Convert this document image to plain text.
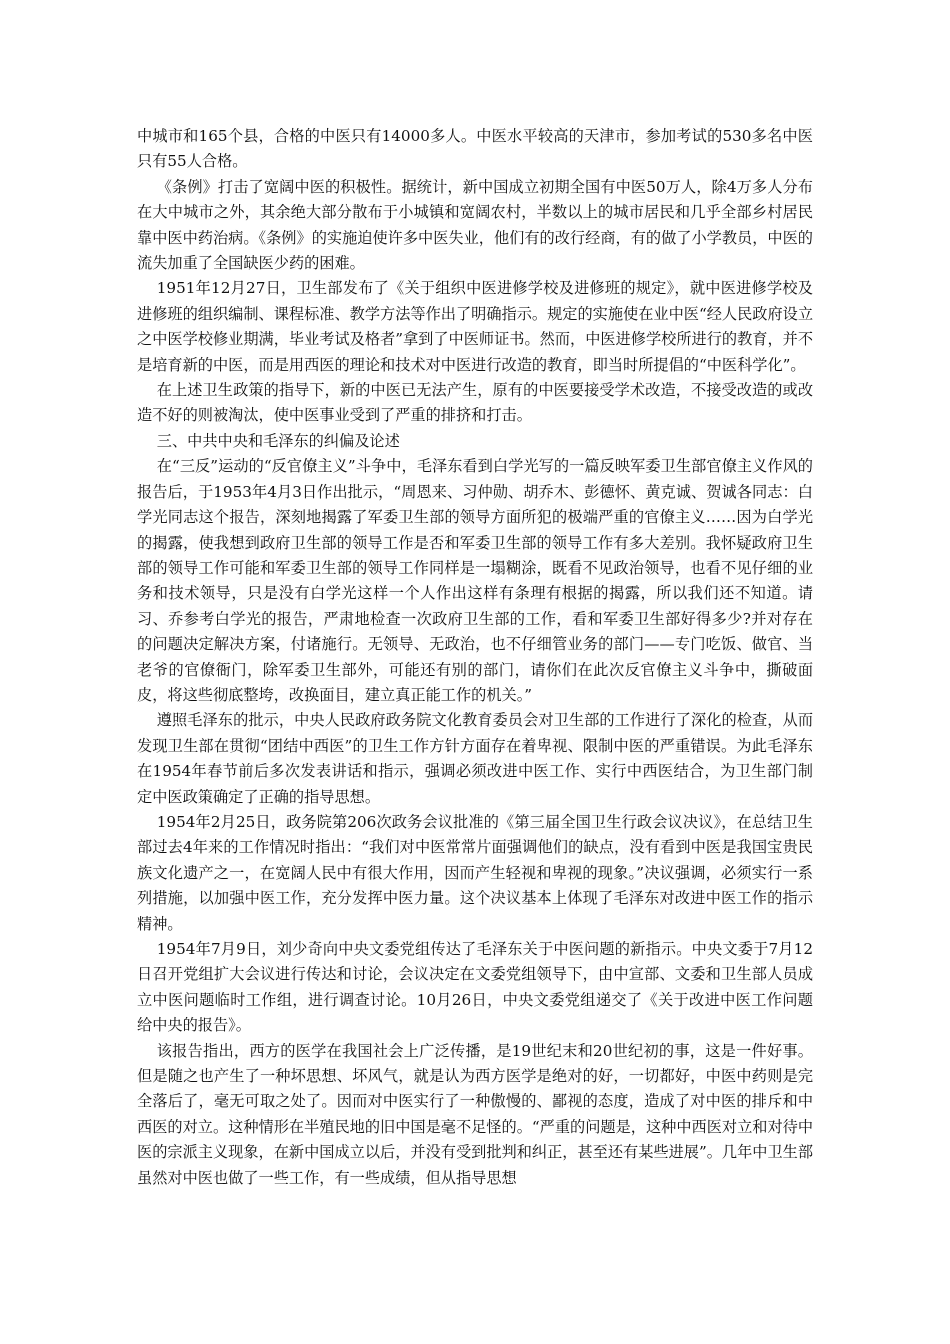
中城市和165个县，合格的中医只有14000多人。中医水平较高的天津市，参加考试的530多名中医只有55人合格。

《条例》打击了宽阔中医的积极性。据统计，新中国成立初期全国有中医50万人，除4万多人分布在大中城市之外，其余绝大部分散布于小城镇和宽阔农村，半数以上的城市居民和几乎全部乡村居民靠中医中药治病。《条例》的实施迫使许多中医失业，他们有的改行经商，有的做了小学教员，中医的流失加重了全国缺医少药的困难。

1951年12月27日，卫生部发布了《关于组织中医进修学校及进修班的规定》，就中医进修学校及进修班的组织编制、课程标准、教学方法等作出了明确指示。规定的实施使在业中医“经人民政府设立之中医学校修业期满，毕业考试及格者”拿到了中医师证书。然而，中医进修学校所进行的教育，并不是培育新的中医，而是用西医的理论和技术对中医进行改造的教育，即当时所提倡的“中医科学化”。

在上述卫生政策的指导下，新的中医已无法产生，原有的中医要接受学术改造，不接受改造的或改造不好的则被淘汰，使中医事业受到了严重的排挤和打击。

三、中共中央和毛泽东的纠偏及论述

在“三反”运动的“反官僚主义”斗争中，毛泽东看到白学光写的一篇反映军委卫生部官僚主义作风的报告后，于1953年4月3日作出批示，“周恩来、习仲勋、胡乔木、彭德怀、黄克诚、贺诚各同志：白学光同志这个报告，深刻地揭露了军委卫生部的领导方面所犯的极端严重的官僚主义……因为白学光的揭露，使我想到政府卫生部的领导工作是否和军委卫生部的领导工作有多大差别。我怀疑政府卫生部的领导工作可能和军委卫生部的领导工作同样是一塌糊涂，既看不见政治领导，也看不见仔细的业务和技术领导，只是没有白学光这样一个人作出这样有条理有根据的揭露，所以我们还不知道。请习、乔参考白学光的报告，严肃地检查一次政府卫生部的工作，看和军委卫生部好得多少?并对存在的问题决定解决方案，付诸施行。无领导、无政治，也不仔细管业务的部门——专门吃饭、做官、当老爷的官僚衙门，除军委卫生部外，可能还有别的部门，请你们在此次反官僚主义斗争中，撕破面皮，将这些彻底整垮，改换面目，建立真正能工作的机关。”

遵照毛泽东的批示，中央人民政府政务院文化教育委员会对卫生部的工作进行了深化的检查，从而发现卫生部在贯彻“团结中西医”的卫生工作方针方面存在着卑视、限制中医的严重错误。为此毛泽东在1954年春节前后多次发表讲话和指示，强调必须改进中医工作、实行中西医结合，为卫生部门制定中医政策确定了正确的指导思想。

1954年2月25日，政务院第206次政务会议批准的《第三届全国卫生行政会议决议》，在总结卫生部过去4年来的工作情况时指出：“我们对中医常常片面强调他们的缺点，没有看到中医是我国宝贵民族文化遗产之一，在宽阔人民中有很大作用，因而产生轻视和卑视的现象。”决议强调，必须实行一系列措施，以加强中医工作，充分发挥中医力量。这个决议基本上体现了毛泽东对改进中医工作的指示精神。

1954年7月9日，刘少奇向中央文委党组传达了毛泽东关于中医问题的新指示。中央文委于7月12日召开党组扩大会议进行传达和讨论，会议决定在文委党组领导下，由中宣部、文委和卫生部人员成立中医问题临时工作组，进行调查讨论。10月26日，中央文委党组递交了《关于改进中医工作问题给中央的报告》。

该报告指出，西方的医学在我国社会上广泛传播，是19世纪末和20世纪初的事，这是一件好事。但是随之也产生了一种坏思想、坏风气，就是认为西方医学是绝对的好，一切都好，中医中药则是完全落后了，毫无可取之处了。因而对中医实行了一种傲慢的、鄙视的态度，造成了对中医的排斥和中西医的对立。这种情形在半殖民地的旧中国是毫不足怪的。“严重的问题是，这种中西医对立和对待中医的宗派主义现象，在新中国成立以后，并没有受到批判和纠正，甚至还有某些进展”。几年中卫生部虽然对中医也做了一些工作，有一些成绩，但从指导思想
